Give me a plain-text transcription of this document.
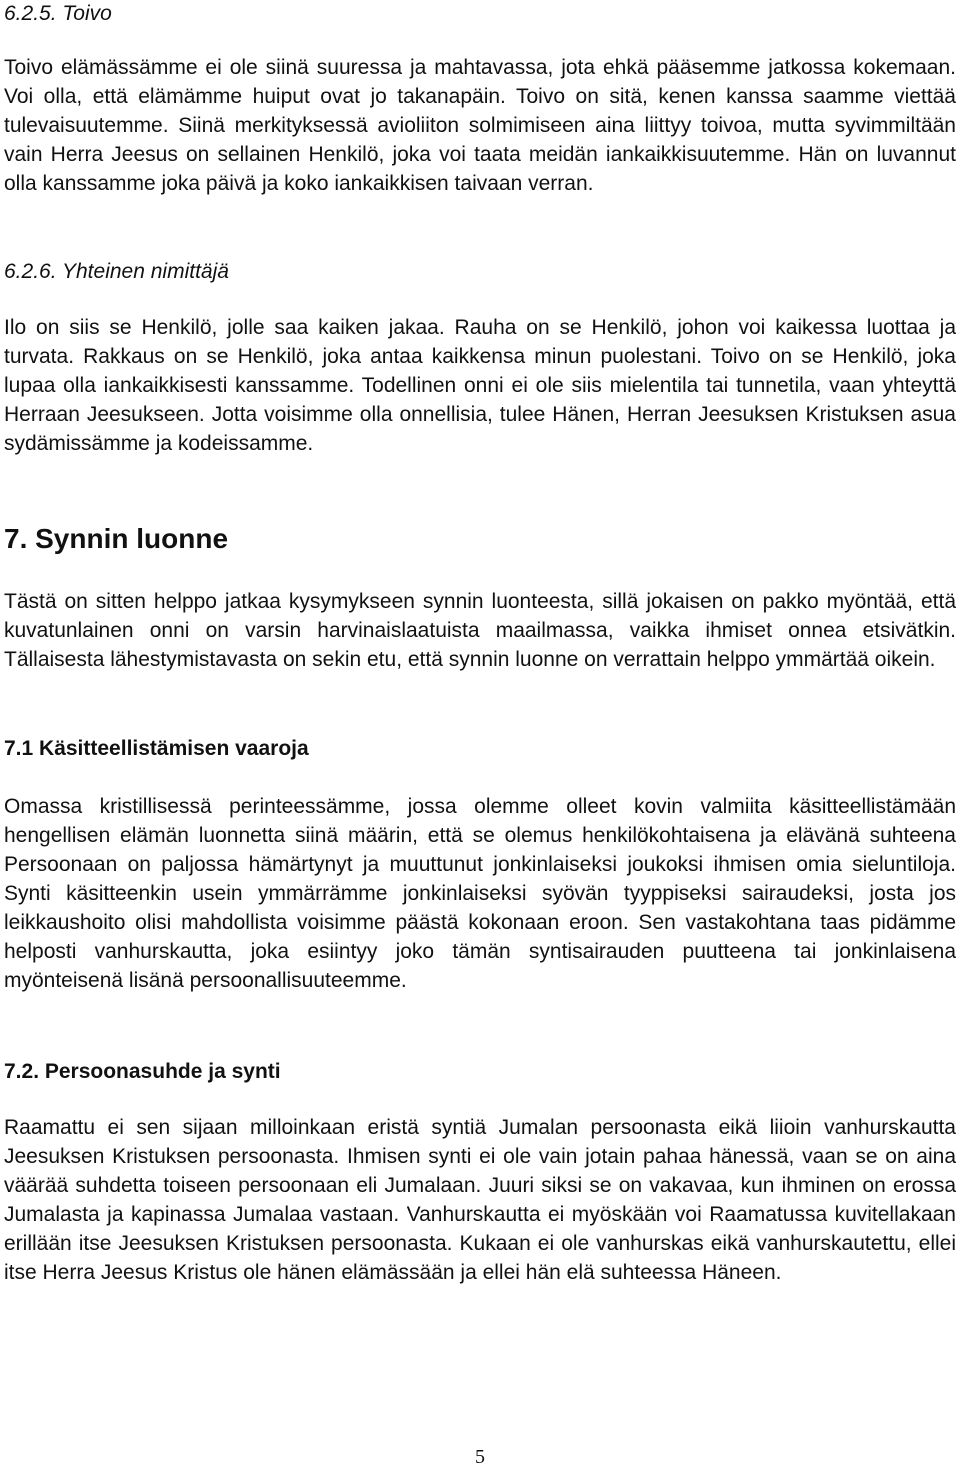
6.2.5. Toivo

Toivo elämässämme ei ole siinä suuressa ja mahtavassa, jota ehkä pääsemme jatkossa kokemaan. Voi olla, että elämämme huiput ovat jo takanapäin. Toivo on sitä, kenen kanssa saamme viettää tulevaisuutemme. Siinä merkityksessä avioliiton solmimiseen aina liittyy toivoa, mutta syvimmiltään vain Herra Jeesus on sellainen Henkilö, joka voi taata meidän iankaikkisuutemme. Hän on luvannut olla kanssamme joka päivä ja koko iankaikkisen taivaan verran.

6.2.6. Yhteinen nimittäjä

Ilo on siis se Henkilö, jolle saa kaiken jakaa. Rauha on se Henkilö, johon voi kaikessa luottaa ja turvata. Rakkaus on se Henkilö, joka antaa kaikkensa minun puolestani. Toivo on se Henkilö, joka lupaa olla iankaikkisesti kanssamme. Todellinen onni ei ole siis mielentila tai tunnetila, vaan yhteyttä Herraan Jeesukseen. Jotta voisimme olla onnellisia, tulee Hänen, Herran Jeesuksen Kristuksen asua sydämissämme ja kodeissamme.

7. Synnin luonne

Tästä on sitten helppo jatkaa kysymykseen synnin luonteesta, sillä jokaisen on pakko myöntää, että kuvatunlainen onni on varsin harvinaislaatuista maailmassa, vaikka ihmiset onnea etsivätkin. Tällaisesta lähestymistavasta on sekin etu, että synnin luonne on verrattain helppo ymmärtää oikein.

7.1 Käsitteellistämisen vaaroja

Omassa kristillisessä perinteessämme, jossa olemme olleet kovin valmiita käsitteellistämään hengellisen elämän luonnetta siinä määrin, että se olemus henkilökohtaisena ja elävänä suhteena Persoonaan on paljossa hämärtynyt ja muuttunut jonkinlaiseksi joukoksi ihmisen omia sieluntiloja. Synti käsitteenkin usein ymmärrämme jonkinlaiseksi syövän tyyppiseksi sairaudeksi, josta jos leikkaushoito olisi mahdollista voisimme päästä kokonaan eroon. Sen vastakohtana taas pidämme helposti vanhurskautta, joka esiintyy joko tämän syntisairauden puutteena tai jonkinlaisena myönteisenä lisänä persoonallisuuteemme.

7.2. Persoonasuhde ja synti

Raamattu ei sen sijaan milloinkaan eristä syntiä Jumalan persoonasta eikä liioin vanhurskautta Jeesuksen Kristuksen persoonasta. Ihmisen synti ei ole vain jotain pahaa hänessä, vaan se on aina väärää suhdetta toiseen persoonaan eli Jumalaan. Juuri siksi se on vakavaa, kun ihminen on erossa Jumalasta ja kapinassa Jumalaa vastaan. Vanhurskautta ei myöskään voi Raamatussa kuvitellakaan erillään itse Jeesuksen Kristuksen persoonasta. Kukaan ei ole vanhurskas eikä vanhurskautettu, ellei itse Herra Jeesus Kristus ole hänen elämässään ja ellei hän elä suhteessa Häneen.

5
